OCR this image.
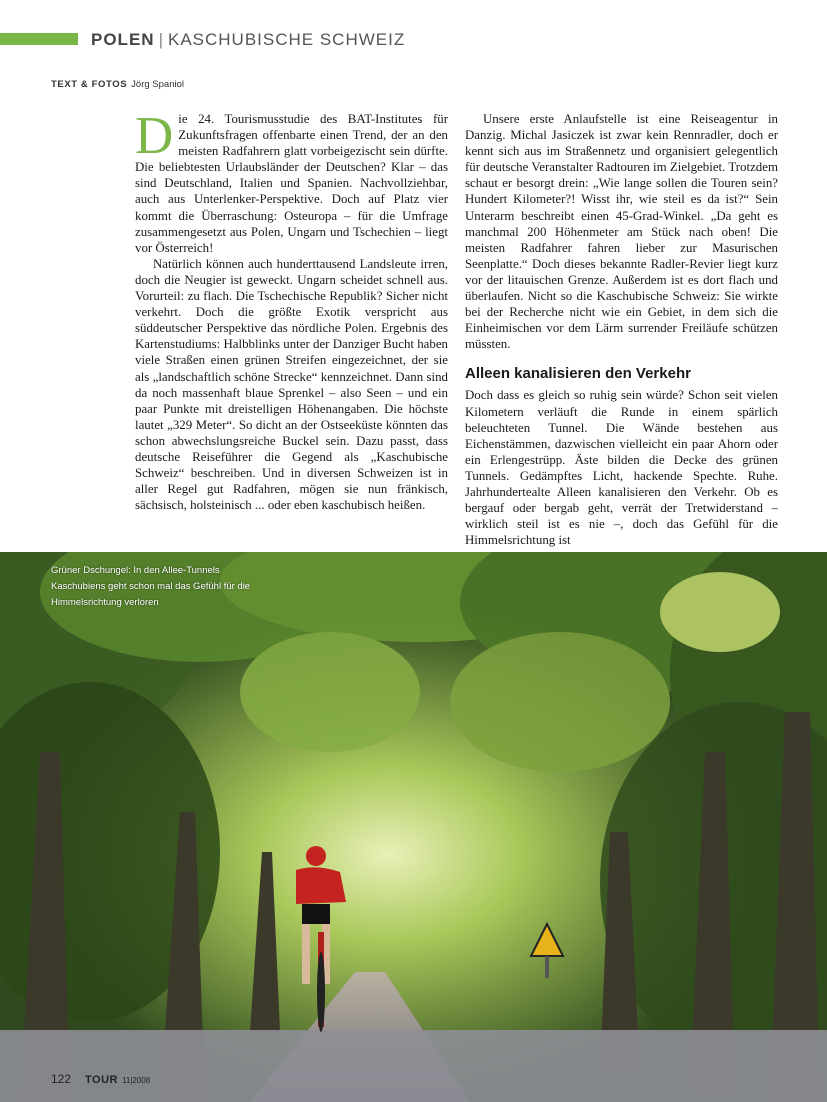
POLEN | KASCHUBISCHE SCHWEIZ
TEXT & FOTOS Jörg Spaniol

Die 24. Tourismusstudie des BAT-Institutes für Zukunftsfragen offenbarte einen Trend, der an den meisten Radfahrern glatt vorbeigezischt sein dürfte. Die beliebtesten Urlaubsländer der Deutschen? Klar – das sind Deutschland, Italien und Spanien. Nachvollziehbar, auch aus Unterlenker-Perspektive. Doch auf Platz vier kommt die Überraschung: Osteuropa – für die Umfrage zusammengesetzt aus Polen, Ungarn und Tschechien – liegt vor Österreich!

Natürlich können auch hunderttausend Landsleute irren, doch die Neugier ist geweckt. Ungarn scheidet schnell aus. Vorurteil: zu flach. Die Tschechische Republik? Sicher nicht verkehrt. Doch die größte Exotik verspricht aus süddeutscher Perspektive das nördliche Polen. Ergebnis des Kartenstudiums: Halbblinks unter der Danziger Bucht haben viele Straßen einen grünen Streifen eingezeichnet, der sie als „landschaftlich schöne Strecke“ kennzeichnet. Dann sind da noch massenhaft blaue Sprenkel – also Seen – und ein paar Punkte mit dreistelligen Höhenangaben. Die höchste lautet „329 Meter“. So dicht an der Ostseeküste könnten das schon abwechslungsreiche Buckel sein. Dazu passt, dass deutsche Reiseführer die Gegend als „Kaschubische Schweiz“ beschreiben. Und in diversen Schweizen ist in aller Regel gut Radfahren, mögen sie nun fränkisch, sächsisch, holsteinisch ... oder eben kaschubisch heißen.

Unsere erste Anlaufstelle ist eine Reiseagentur in Danzig. Michal Jasiczek ist zwar kein Rennradler, doch er kennt sich aus im Straßennetz und organisiert gelegentlich für deutsche Veranstalter Radtouren im Zielgebiet. Trotzdem schaut er besorgt drein: „Wie lange sollen die Touren sein? Hundert Kilometer?! Wisst ihr, wie steil es da ist?“ Sein Unterarm beschreibt einen 45-Grad-Winkel. „Da geht es manchmal 200 Höhenmeter am Stück nach oben! Die meisten Radfahrer fahren lieber zur Masurischen Seenplatte.“ Doch dieses bekannte Radler-Revier liegt kurz vor der litauischen Grenze. Außerdem ist es dort flach und überlaufen. Nicht so die Kaschubische Schweiz: Sie wirkte bei der Recherche nicht wie ein Gebiet, in dem sich die Einheimischen vor dem Lärm surrender Freiläufe schützen müssten.

Alleen kanalisieren den Verkehr

Doch dass es gleich so ruhig sein würde? Schon seit vielen Kilometern verläuft die Runde in einem spärlich beleuchteten Tunnel. Die Wände bestehen aus Eichenstämmen, dazwischen vielleicht ein paar Ahorn oder ein Erlengestrüpp. Äste bilden die Decke des grünen Tunnels. Gedämpftes Licht, hackende Spechte. Ruhe. Jahrhundertealte Alleen kanalisieren den Verkehr. Ob es bergauf oder bergab geht, verrät der Tretwiderstand – wirklich steil ist es nie –, doch das Gefühl für die Himmelsrichtung ist

Grüner Dschungel: In den Allee-Tunnels Kaschubiens geht schon mal das Gefühl für die Himmelsrichtung verloren
122 TOUR 11|2008
